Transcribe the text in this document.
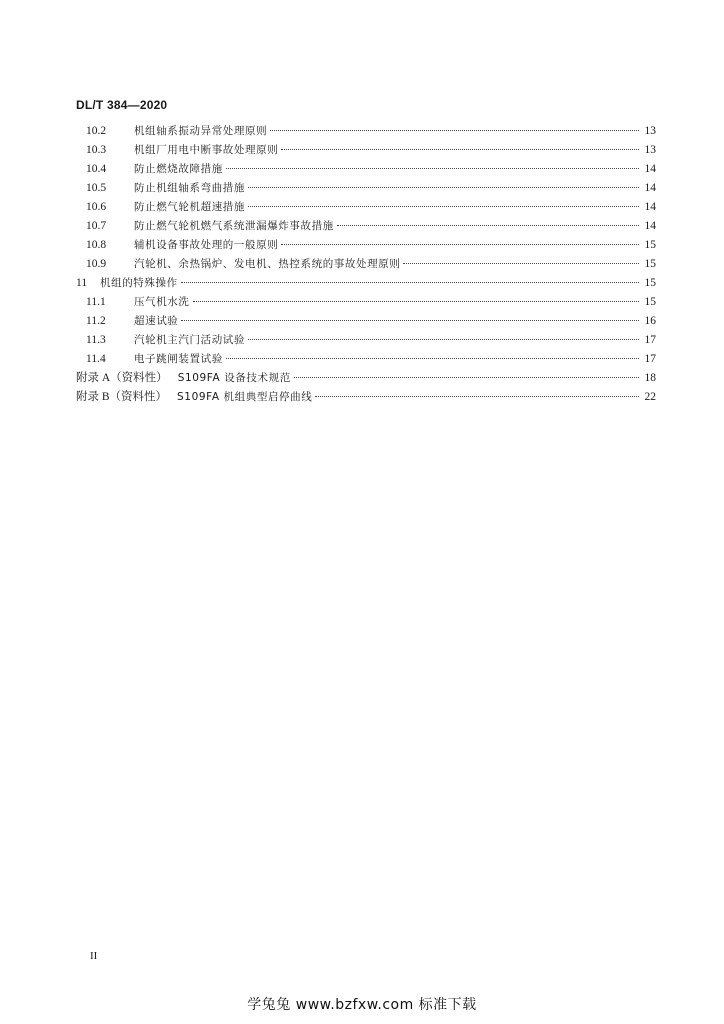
DL/T 384—2020
10.2	机组轴系振动异常处理原则	13
10.3	机组厂用电中断事故处理原则	13
10.4	防止燃烧故障措施	14
10.5	防止机组轴系弯曲措施	14
10.6	防止燃气轮机超速措施	14
10.7	防止燃气轮机燃气系统泄漏爆炸事故措施	14
10.8	辅机设备事故处理的一般原则	15
10.9	汽轮机、余热锅炉、发电机、热控系统的事故处理原则	15
11	机组的特殊操作	15
11.1	压气机水洗	15
11.2	超速试验	16
11.3	汽轮机主汽门活动试验	17
11.4	电子跳闸装置试验	17
附录 A（资料性） S109FA 设备技术规范	18
附录 B（资料性） S109FA 机组典型启停曲线	22
II
学兔兔 www.bzfxw.com 标准下载
